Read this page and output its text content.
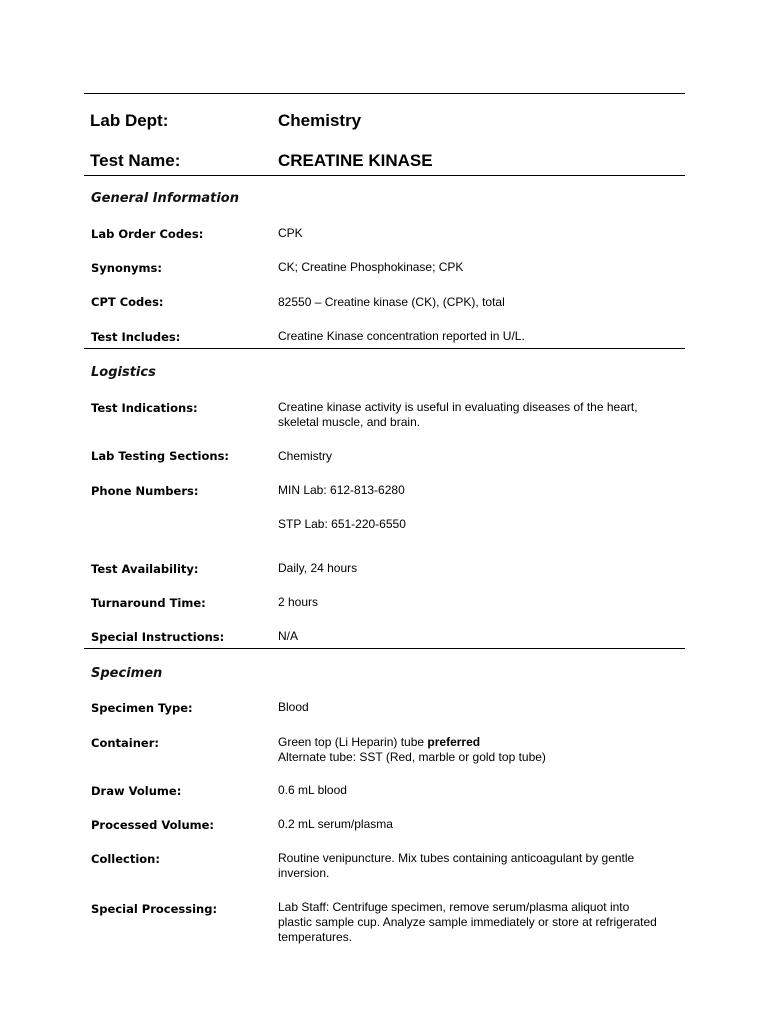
Lab Dept:	Chemistry
Test Name:	CREATINE KINASE
General Information
Lab Order Codes:	CPK
Synonyms:	CK; Creatine Phosphokinase; CPK
CPT Codes:	82550 – Creatine kinase (CK), (CPK), total
Test Includes:	Creatine Kinase concentration reported in U/L.
Logistics
Test Indications:	Creatine kinase activity is useful in evaluating diseases of the heart,
skeletal muscle, and brain.
Lab Testing Sections:	Chemistry
Phone Numbers:	MIN Lab: 612-813-6280
STP Lab: 651-220-6550
Test Availability:	Daily, 24 hours
Turnaround Time:	2 hours
Special Instructions:	N/A
Specimen
Specimen Type:	Blood
Container:	Green top (Li Heparin) tube preferred
Alternate tube: SST (Red, marble or gold top tube)
Draw Volume:	0.6 mL blood
Processed Volume:	0.2 mL serum/plasma
Collection:	Routine venipuncture. Mix tubes containing anticoagulant by gentle
inversion.
Special Processing:	Lab Staff: Centrifuge specimen, remove serum/plasma aliquot into
plastic sample cup. Analyze sample immediately or store at refrigerated
temperatures.
